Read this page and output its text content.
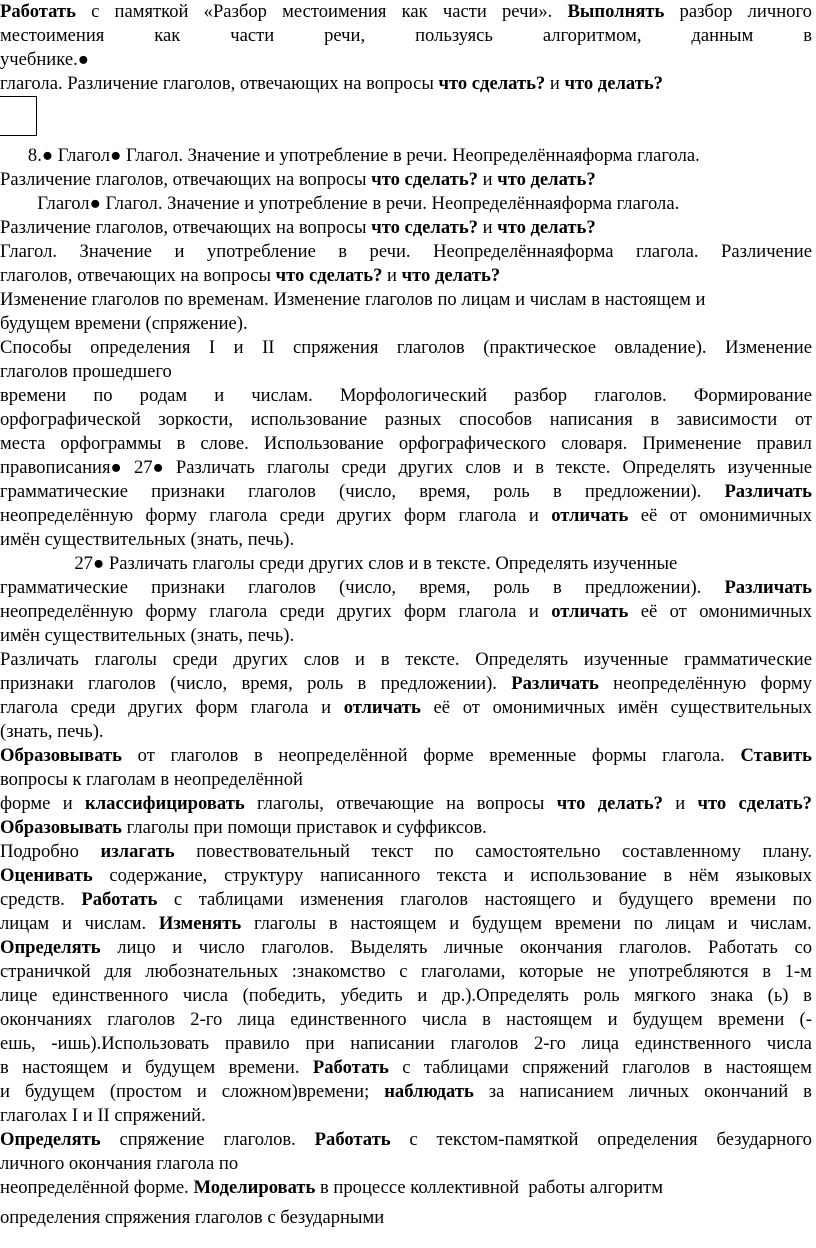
Работать с памяткой «Разбор местоимения как части речи». Выполнять разбор личного
местоимения	как	части	речи,	пользуясь	алгоритмом,	данным	в
учебнике.●
глагола. Различение глаголов, отвечающих на вопросы что сделать? и что делать?
8.● Глагол● Глагол. Значение и употребление в речи. Неопределённаяформа глагола.
Различение глаголов, отвечающих на вопросы что сделать? и что делать?
Глагол● Глагол. Значение и употребление в речи. Неопределённаяформа глагола.
Различение глаголов, отвечающих на вопросы что сделать? и что делать?
Глагол. Значение и употребление в речи. Неопределённаяформа глагола. Различение
глаголов, отвечающих на вопросы что сделать? и что делать?
Изменение глаголов по временам. Изменение глаголов по лицам и числам в настоящем и
будущем времени (спряжение).
Способы определения I и II спряжения глаголов (практическое овладение). Изменение
глаголов прошедшего
времени по родам и числам. Морфологический разбор глаголов. Формирование
орфографической зоркости, использование разных способов написания в зависимости от
места орфограммы в слове. Использование орфографического словаря. Применение правил
правописания● 27● Различать глаголы среди других слов и в тексте. Определять изученные
грамматические признаки глаголов (число, время, роль в предложении). Различать
неопределённую форму глагола среди других форм глагола и отличать её от омонимичных
имён существительных (знать, печь).
27● Различать глаголы среди других слов и в тексте. Определять изученные
грамматические признаки глаголов (число, время, роль в предложении). Различать
неопределённую форму глагола среди других форм глагола и отличать её от омонимичных
имён существительных (знать, печь).
Различать глаголы среди других слов и в тексте. Определять изученные грамматические
признаки глаголов (число, время, роль в предложении). Различать неопределённую форму
глагола среди других форм глагола и отличать её от омонимичных имён существительных
(знать, печь).
Образовывать от глаголов в неопределённой форме временные формы глагола. Ставить
вопросы к глаголам в неопределённой
форме и классифицировать глаголы, отвечающие на вопросы что делать? и что сделать?
Образовывать глаголы при помощи приставок и суффиксов.
Подробно излагать повествовательный текст по самостоятельно составленному плану.
Оценивать содержание, структуру написанного текста и использование в нём языковых
средств. Работать с таблицами изменения глаголов настоящего и будущего времени по
лицам и числам. Изменять глаголы в настоящем и будущем времени по лицам и числам.
Определять лицо и число глаголов. Выделять личные окончания глаголов. Работать со
страничкой для любознательных :знакомство с глаголами, которые не употребляются в 1-м
лице единственного числа (победить, убедить и др.).Определять роль мягкого знака (ь) в
окончаниях глаголов 2-го лица единственного числа в настоящем и будущем времени (-
ешь, -ишь).Использовать правило при написании глаголов 2-го лица единственного числа
в настоящем и будущем времени. Работать с таблицами спряжений глаголов в настоящем
и будущем (простом и сложном)времени; наблюдать за написанием личных окончаний в
глаголах I и II спряжений.
Определять спряжение глаголов. Работать с текстом-памяткой определения безударного
личного окончания глагола по
неопределённой форме. Моделировать в процессе коллективной  работы алгоритм
определения спряжения глаголов с безударными
